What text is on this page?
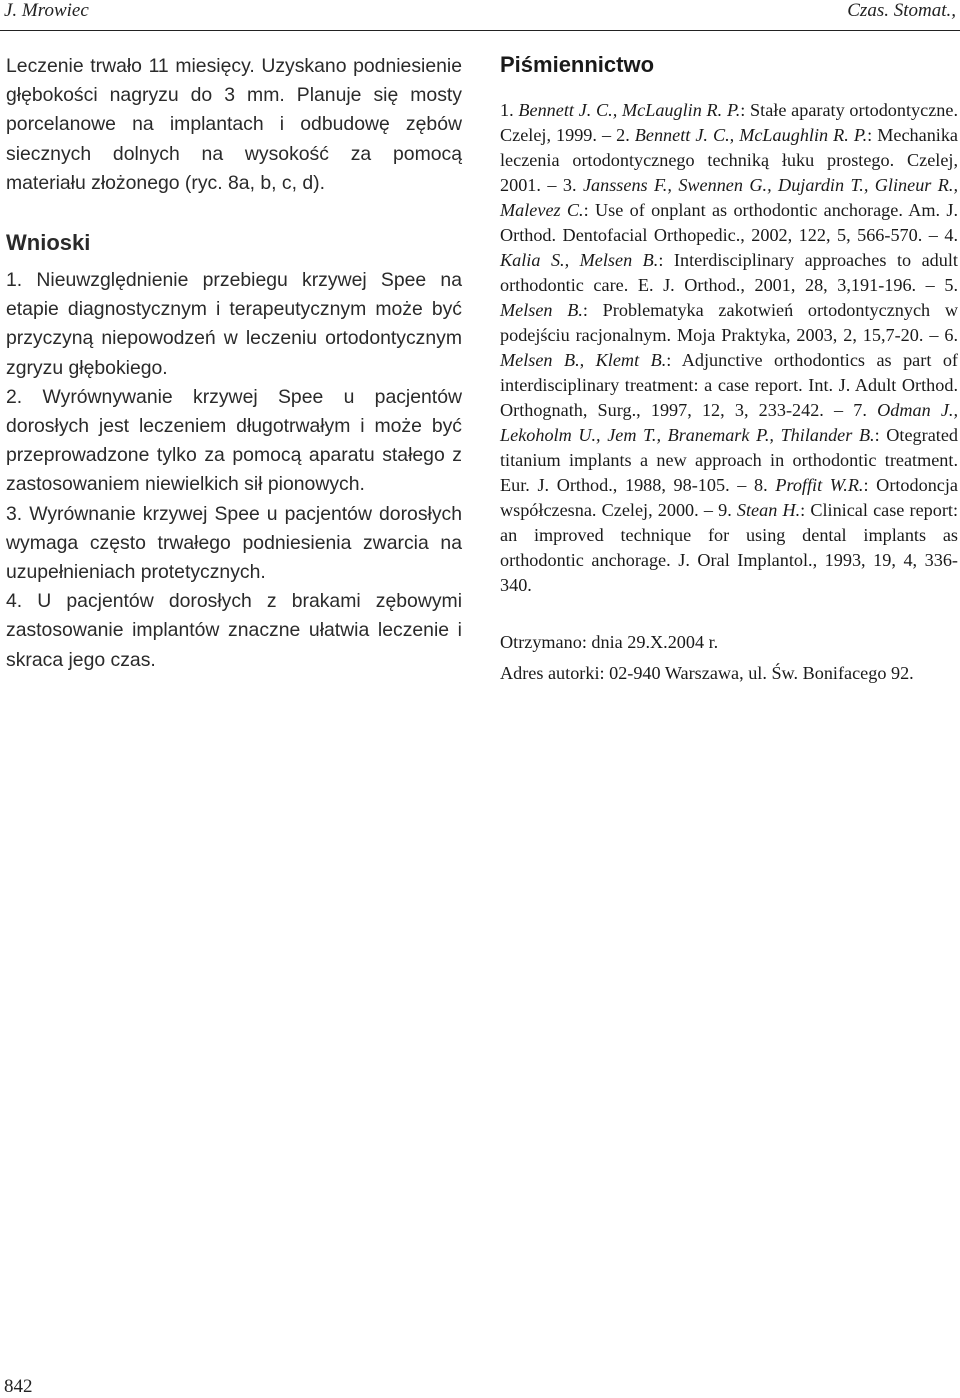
J. Mrowiec	Czas. Stomat.,

Leczenie trwało 11 miesięcy. Uzyskano podniesienie głębokości nagryzu do 3 mm. Planuje się mosty porcelanowe na implantach i odbudowę zębów siecznych dolnych na wysokość za pomocą materiału złożonego (ryc. 8a, b, c, d).

Wnioski

1. Nieuwzględnienie przebiegu krzywej Spee na etapie diagnostycznym i terapeutycznym może być przyczyną niepowodzeń w leczeniu ortodontycznym zgryzu głębokiego.

2. Wyrównywanie krzywej Spee u pacjentów dorosłych jest leczeniem długotrwałym i może być przeprowadzone tylko za pomocą aparatu stałego z zastosowaniem niewielkich sił pionowych.

3. Wyrównanie krzywej Spee u pacjentów dorosłych wymaga często trwałego podniesienia zwarcia na uzupełnieniach protetycznych.

4. U pacjentów dorosłych z brakami zębowymi zastosowanie implantów znaczne ułatwia leczenie i skraca jego czas.

Piśmiennictwo

1. Bennett J. C., McLauglin R. P.: Stałe aparaty ortodontyczne. Czelej, 1999. – 2. Bennett J. C., McLaughlin R. P.: Mechanika leczenia ortodontycznego techniką łuku prostego. Czelej, 2001. – 3. Janssens F., Swennen G., Dujardin T., Glineur R., Malevez C.: Use of onplant as orthodontic anchorage. Am. J. Orthod. Dentofacial Orthopedic., 2002, 122, 5, 566-570. – 4. Kalia S., Melsen B.: Interdisciplinary approaches to adult orthodontic care. E. J. Orthod., 2001, 28, 3,191-196. – 5. Melsen B.: Problematyka zakotwień ortodontycznych w podejściu racjonalnym. Moja Praktyka, 2003, 2, 15,7-20. – 6. Melsen B., Klemt B.: Adjunctive orthodontics as part of interdisciplinary treatment: a case report. Int. J. Adult Orthod. Orthognath, Surg., 1997, 12, 3, 233-242. – 7. Odman J., Lekoholm U., Jem T., Branemark P., Thilander B.: Otegrated titanium implants a new approach in orthodontic treatment. Eur. J. Orthod., 1988, 98-105. – 8. Proffit W.R.: Ortodoncja współczesna. Czelej, 2000. – 9. Stean H.: Clinical case report: an improved technique for using dental implants as orthodontic anchorage. J. Oral Implantol., 1993, 19, 4, 336-340.

Otrzymano: dnia 29.X.2004 r.

Adres autorki: 02-940 Warszawa, ul. Św. Bonifacego 92.

842
